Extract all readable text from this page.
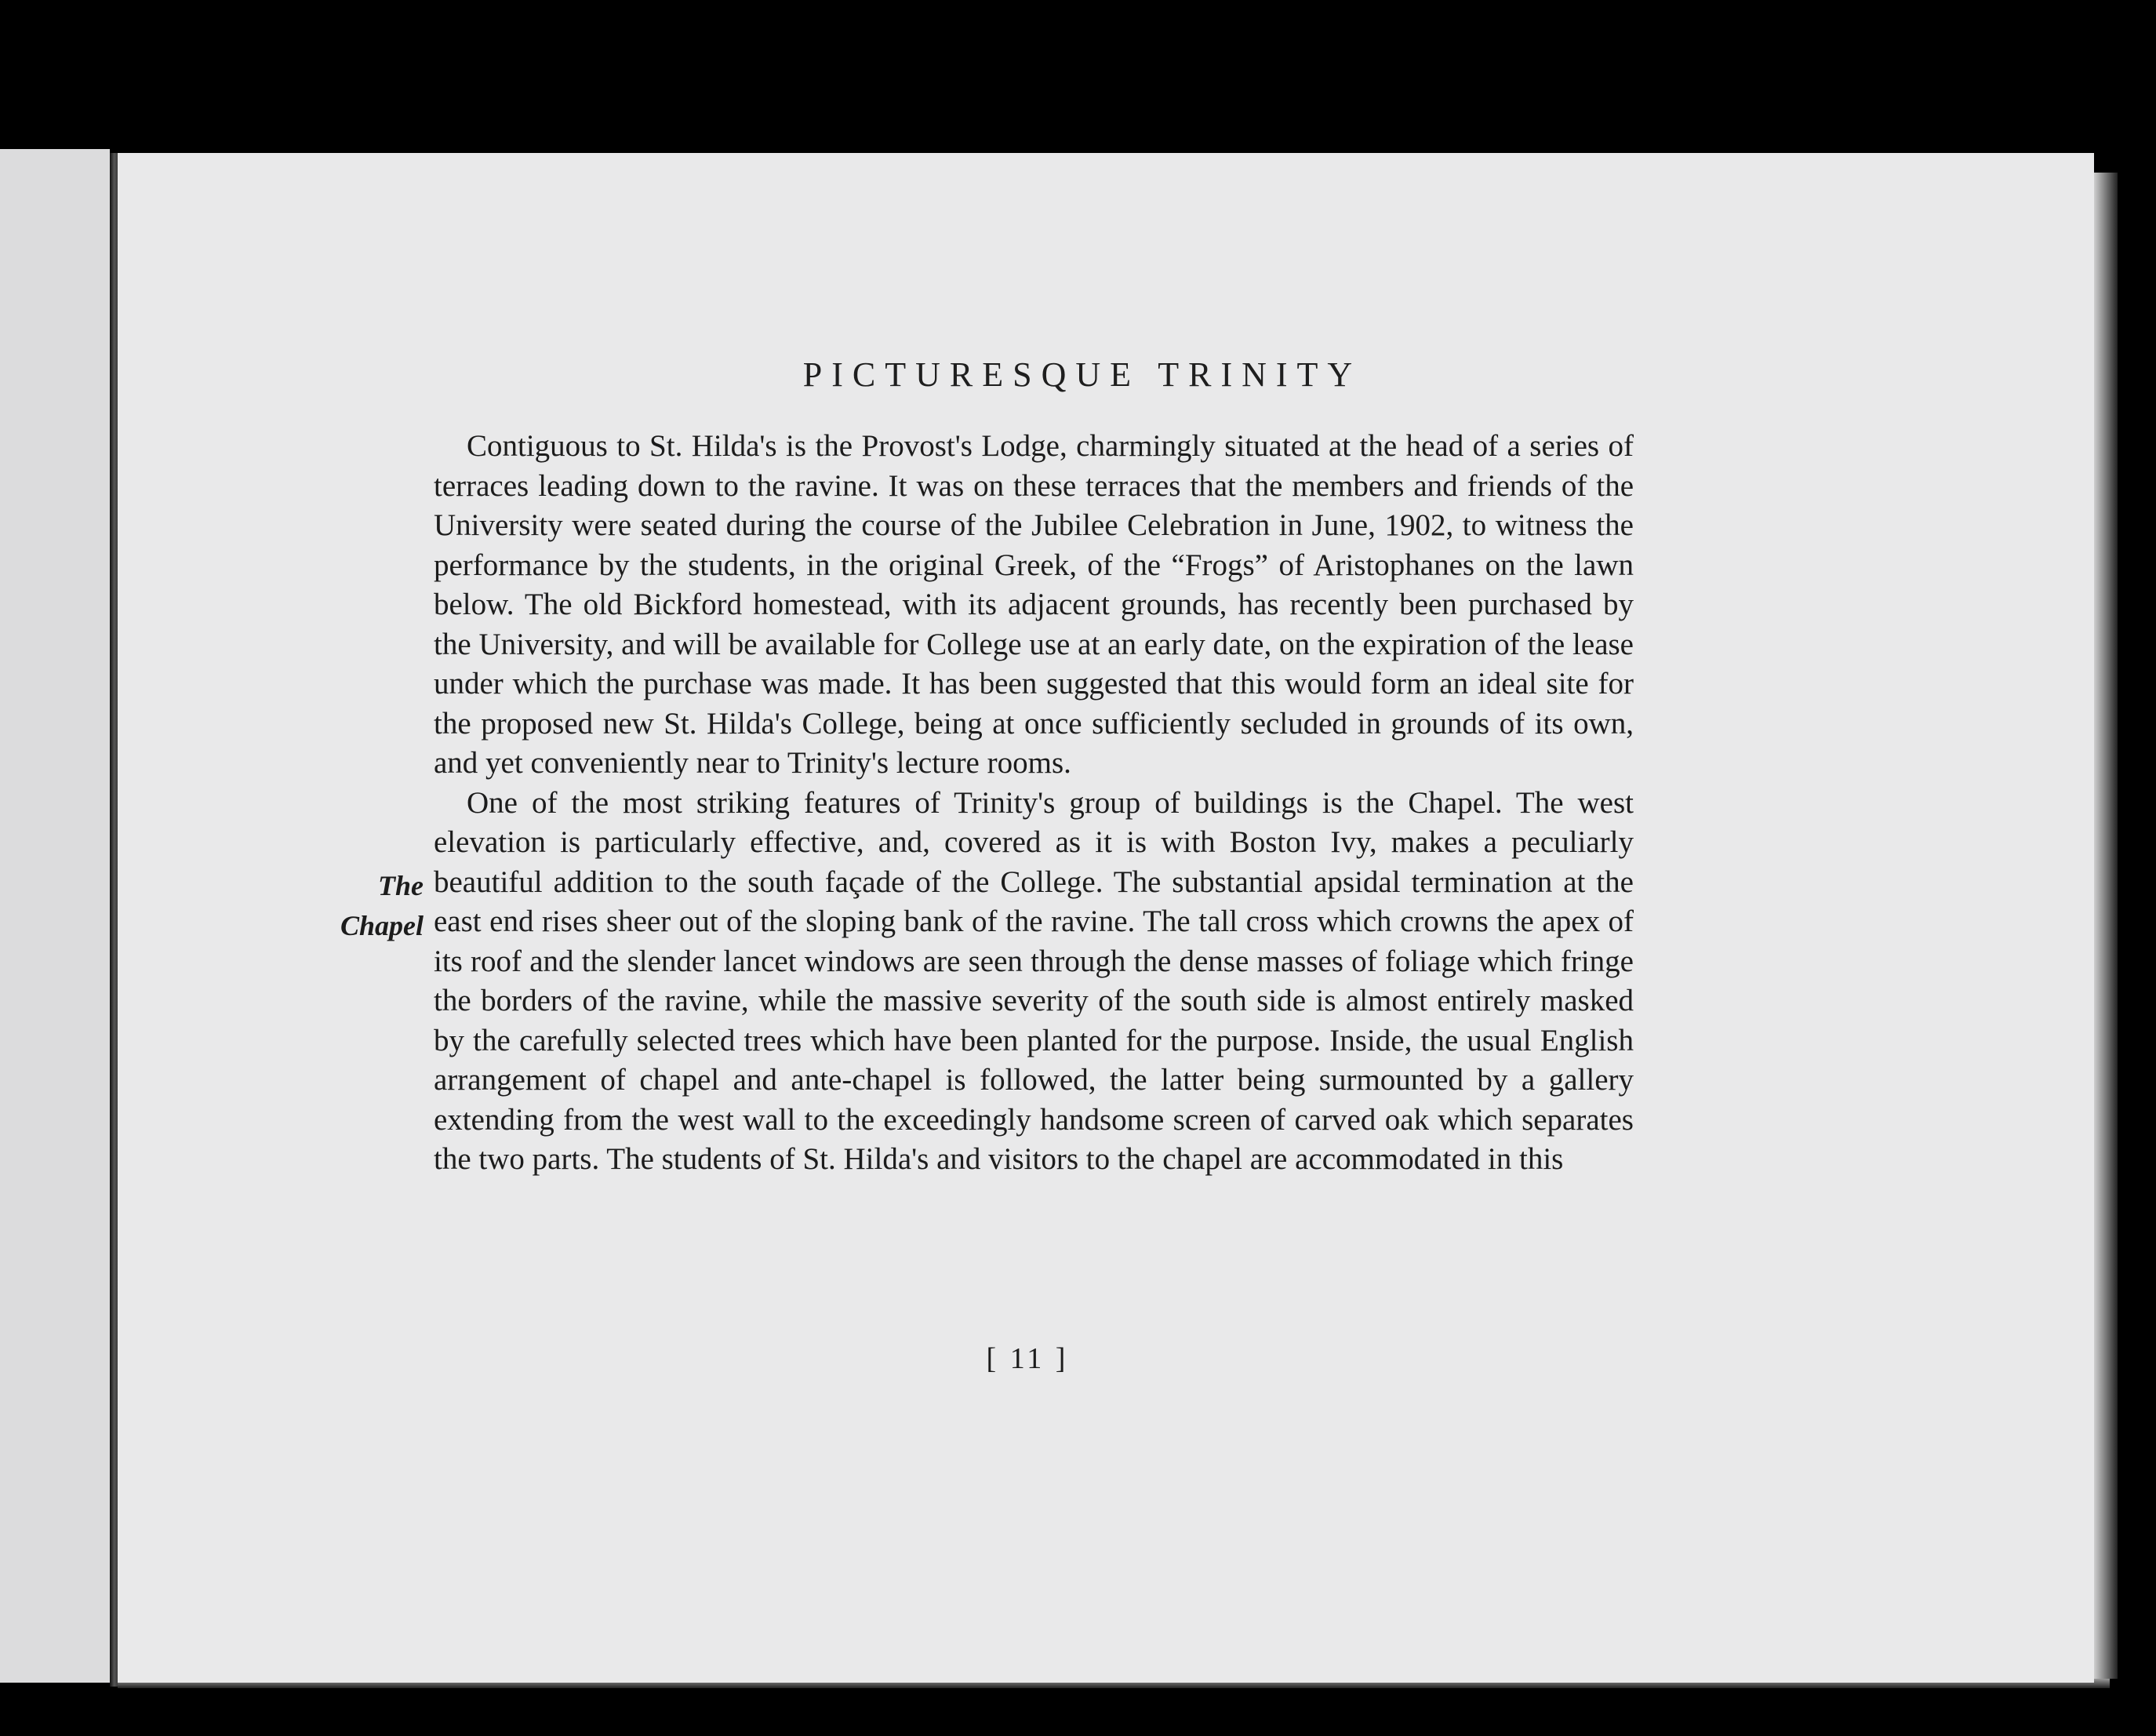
PICTURESQUE TRINITY
The
Chapel

Contiguous to St. Hilda's is the Provost's Lodge, charmingly situated at the head of a series of terraces leading down to the ravine. It was on these terraces that the members and friends of the University were seated during the course of the Jubilee Celebration in June, 1902, to witness the performance by the students, in the original Greek, of the “Frogs” of Aristophanes on the lawn below. The old Bickford homestead, with its adjacent grounds, has recently been purchased by the University, and will be available for College use at an early date, on the expiration of the lease under which the purchase was made. It has been suggested that this would form an ideal site for the proposed new St. Hilda's College, being at once sufficiently secluded in grounds of its own, and yet conveniently near to Trinity's lecture rooms.

One of the most striking features of Trinity's group of buildings is the Chapel. The west elevation is particularly effective, and, covered as it is with Boston Ivy, makes a peculiarly beautiful addition to the south façade of the College. The substantial apsidal termination at the east end rises sheer out of the sloping bank of the ravine. The tall cross which crowns the apex of its roof and the slender lancet windows are seen through the dense masses of foliage which fringe the borders of the ravine, while the massive severity of the south side is almost entirely masked by the carefully selected trees which have been planted for the purpose. Inside, the usual English arrangement of chapel and ante-chapel is followed, the latter being surmounted by a gallery extending from the west wall to the exceedingly handsome screen of carved oak which separates the two parts. The students of St. Hilda's and visitors to the chapel are accommodated in this

[ 11 ]
